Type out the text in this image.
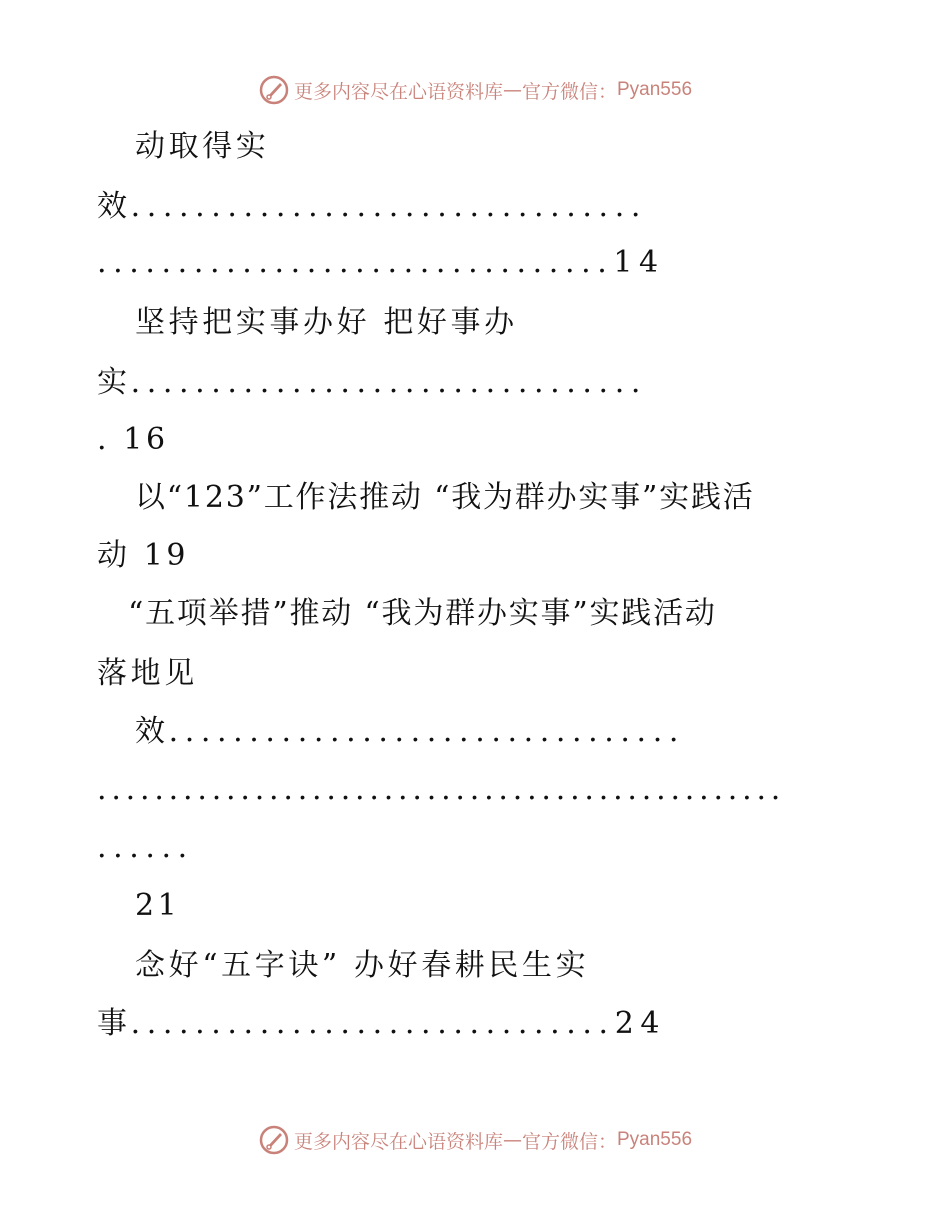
更多内容尽在心语资料库 — 官方微信： Pyan556
动取得实
效................................
................................14
坚持把实事办好 把好事办
实................................
. 16
以“123”工作法推动 “我为群办实事”实践活
动 19
“五项举措”推动 “我为群办实事”实践活动
落地见
效................................
................................................
......
21
念好“五字诀” 办好春耕民生实
事..............................24
更多内容尽在心语资料库 — 官方微信： Pyan556
